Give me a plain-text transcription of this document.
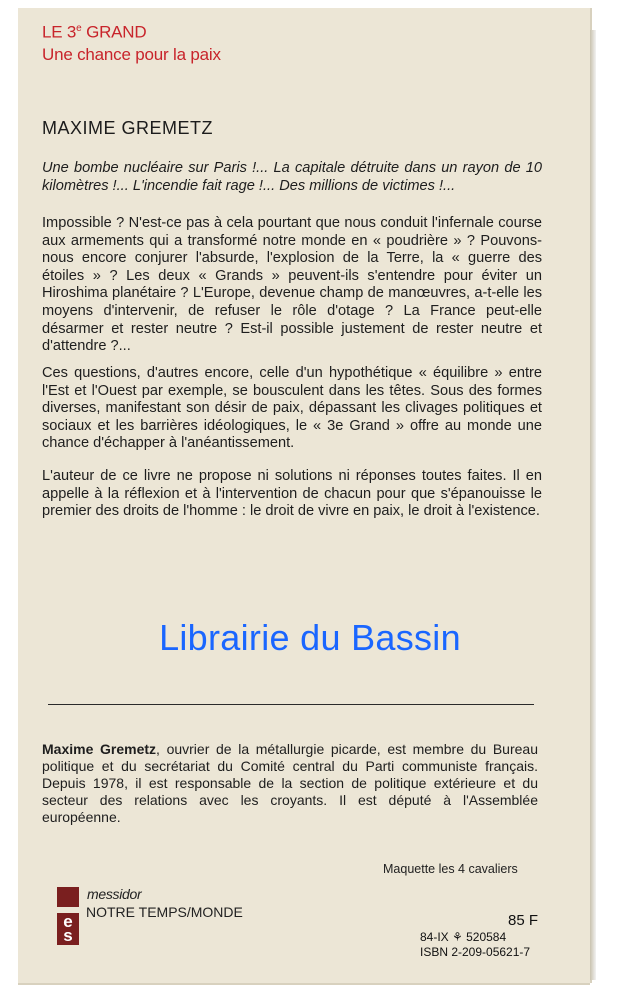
LE 3e GRAND
Une chance pour la paix
MAXIME GREMETZ
Une bombe nucléaire sur Paris !... La capitale détruite dans un rayon de 10 kilomètres !... L'incendie fait rage !... Des millions de victimes !...
Impossible ? N'est-ce pas à cela pourtant que nous conduit l'infernale course aux armements qui a transformé notre monde en « poudrière » ? Pouvons-nous encore conjurer l'absurde, l'explosion de la Terre, la « guerre des étoiles » ? Les deux « Grands » peuvent-ils s'entendre pour éviter un Hiroshima planétaire ? L'Europe, devenue champ de manœuvres, a-t-elle les moyens d'intervenir, de refuser le rôle d'otage ? La France peut-elle désarmer et rester neutre ? Est-il possible justement de rester neutre et d'attendre ?...
Ces questions, d'autres encore, celle d'un hypothétique « équilibre » entre l'Est et l'Ouest par exemple, se bousculent dans les têtes. Sous des formes diverses, manifestant son désir de paix, dépassant les clivages politiques et sociaux et les barrières idéologiques, le « 3e Grand » offre au monde une chance d'échapper à l'anéantissement.
L'auteur de ce livre ne propose ni solutions ni réponses toutes faites. Il en appelle à la réflexion et à l'intervention de chacun pour que s'épanouisse le premier des droits de l'homme : le droit de vivre en paix, le droit à l'existence.
Librairie du Bassin
Maxime Gremetz, ouvrier de la métallurgie picarde, est membre du Bureau politique et du secrétariat du Comité central du Parti communiste français. Depuis 1978, il est responsable de la section de politique extérieure et du secteur des relations avec les croyants. Il est député à l'Assemblée européenne.
Maquette les 4 cavaliers
e
s
messidor
NOTRE TEMPS/MONDE	85 F
84-IX ⚘ 520584
ISBN 2-209-05621-7
